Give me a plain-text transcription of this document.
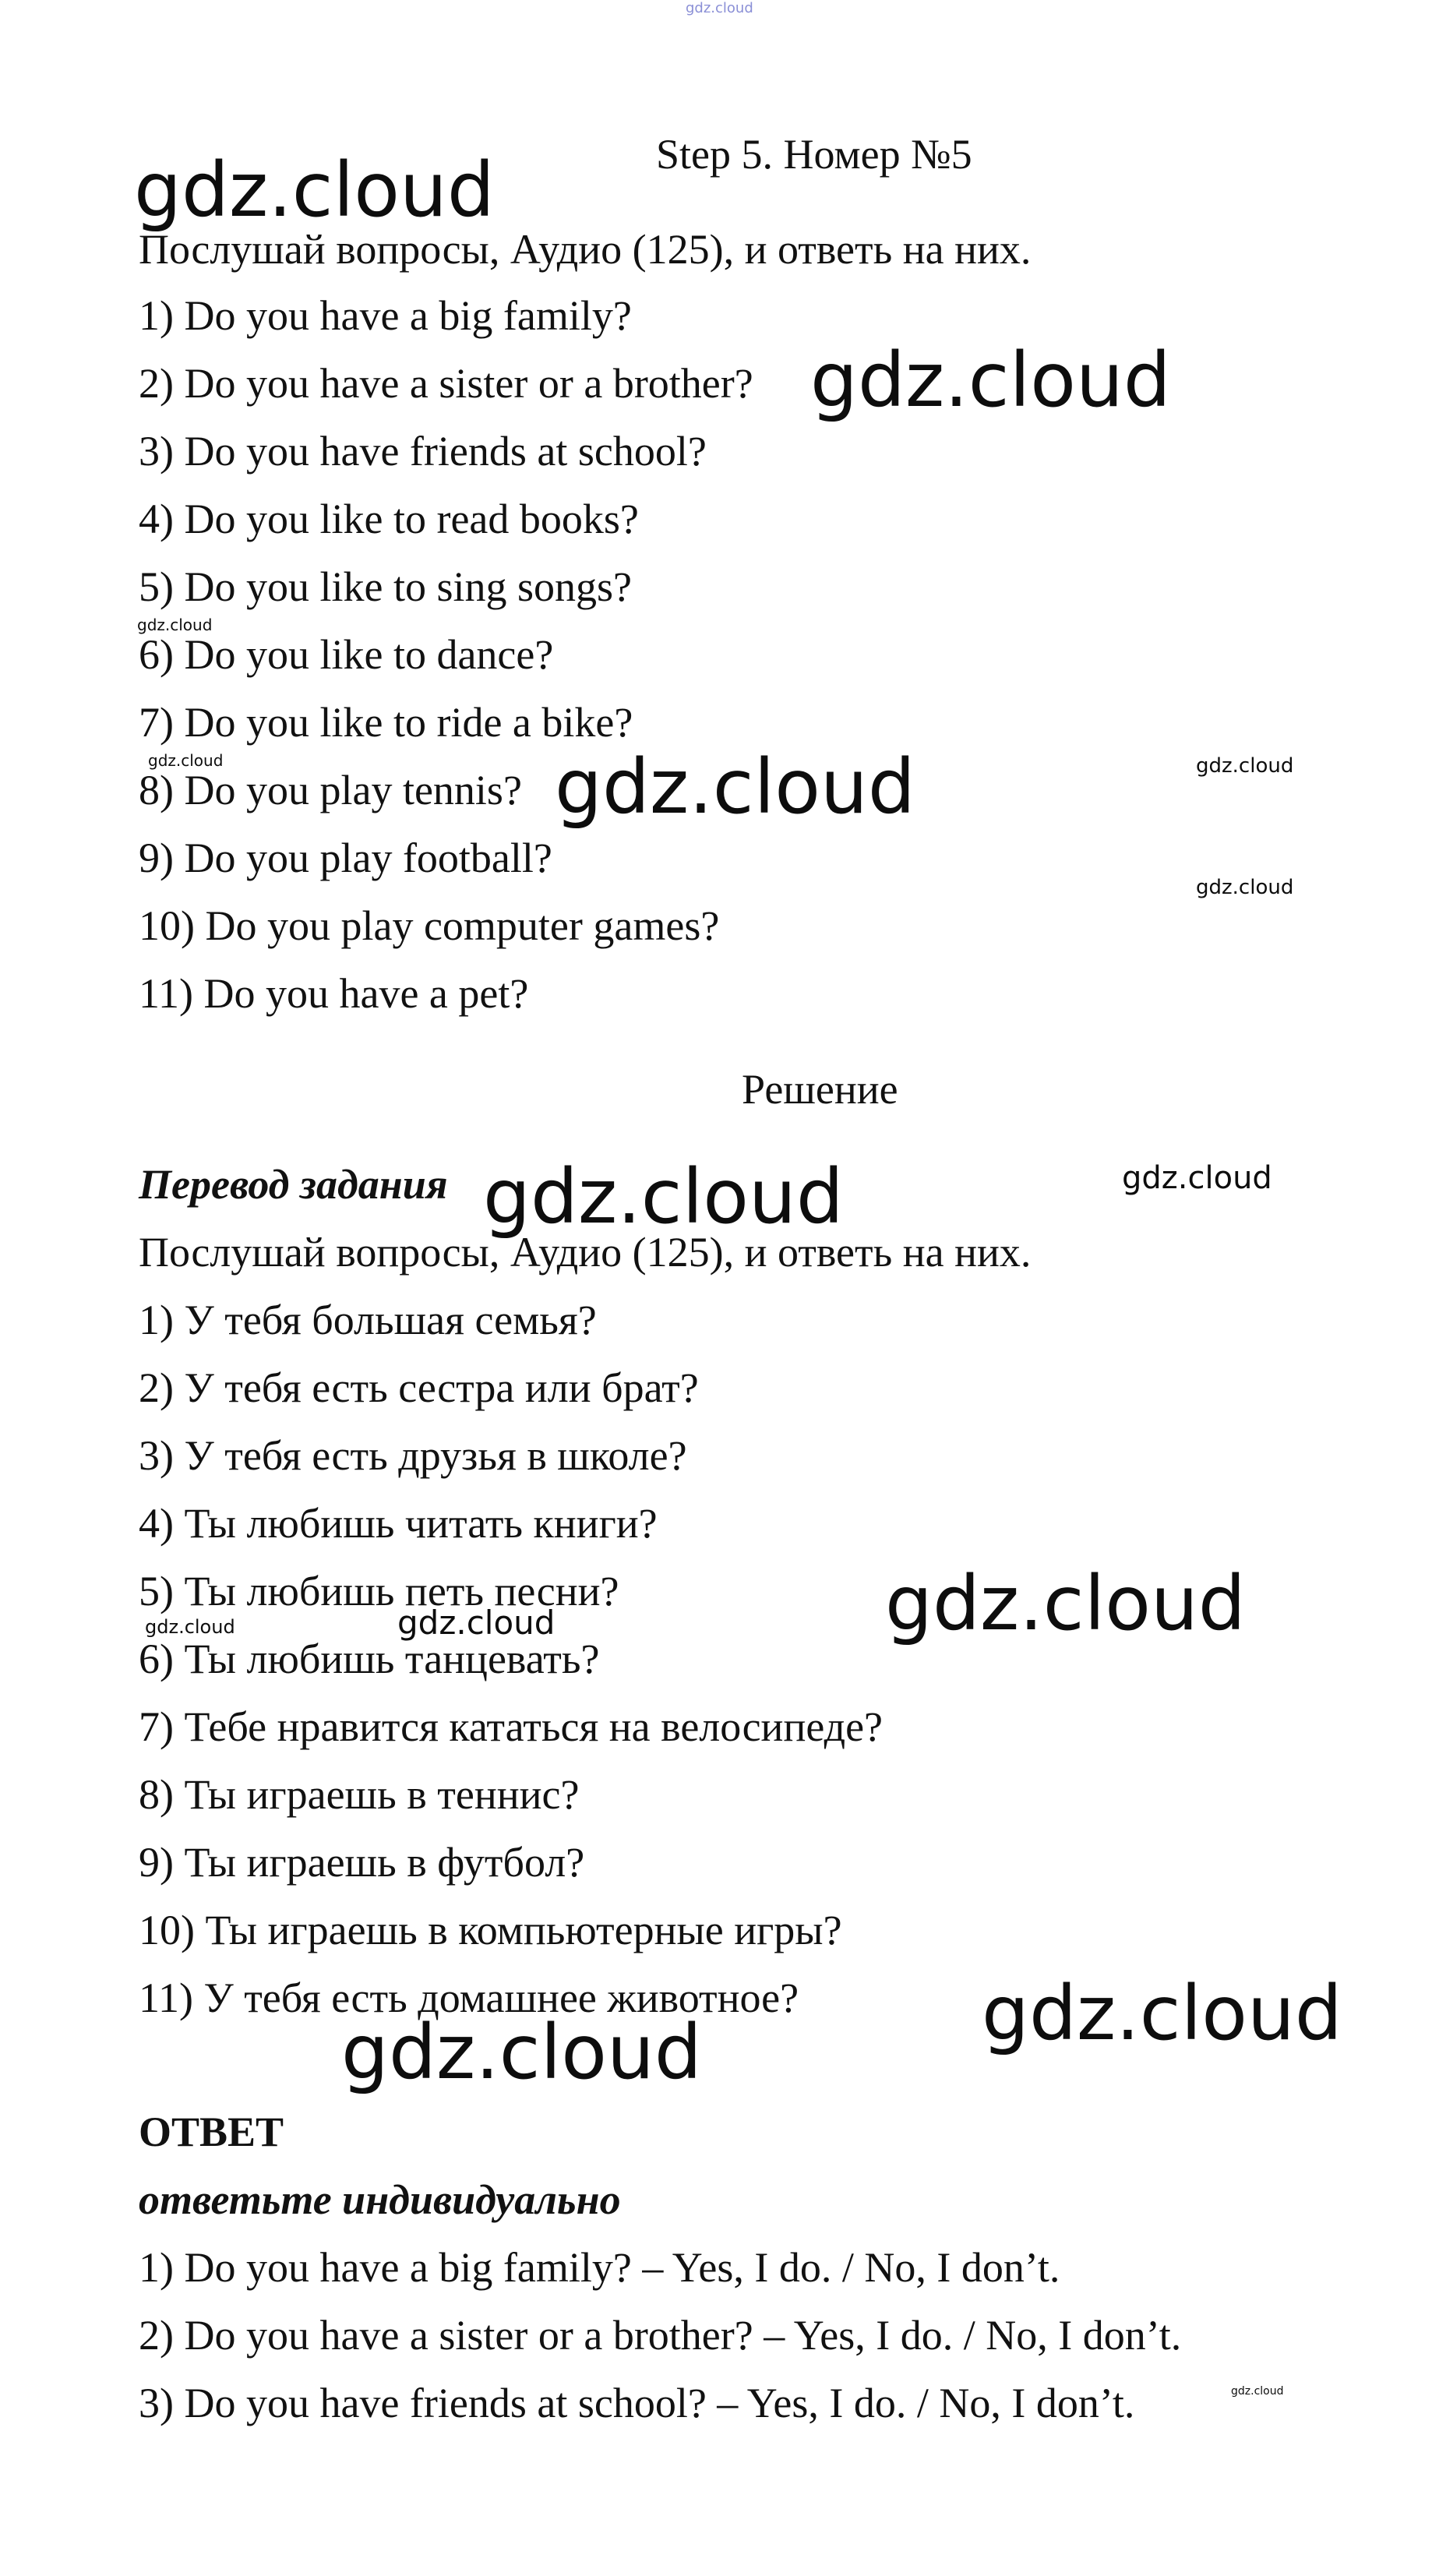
gdz.cloud
gdz.cloud
gdz.cloud
gdz.cloud
gdz.cloud	gdz.cloud	gdz.cloud
gdz.cloud
gdz.cloud	gdz.cloud
gdz.cloud
gdz.cloud
gdz.cloud
gdz.cloud
gdz.cloud
gdz.cloud
Step 5. Номер №5
Послушай вопросы, Аудио (125), и ответь на них.
1) Do you have a big family?
2) Do you have a sister or a brother?
3) Do you have friends at school?
4) Do you like to read books?
5) Do you like to sing songs?
6) Do you like to dance?
7) Do you like to ride a bike?
8) Do you play tennis?
9) Do you play football?
10) Do you play computer games?
11) Do you have a pet?
Решение
Перевод задания
Послушай вопросы, Аудио (125), и ответь на них.
1) У тебя большая семья?
2) У тебя есть сестра или брат?
3) У тебя есть друзья в школе?
4) Ты любишь читать книги?
5) Ты любишь петь песни?
6) Ты любишь танцевать?
7) Тебе нравится кататься на велосипеде?
8) Ты играешь в теннис?
9) Ты играешь в футбол?
10) Ты играешь в компьютерные игры?
11) У тебя есть домашнее животное?
ОТВЕТ
ответьте индивидуально
1) Do you have a big family? – Yes, I do. / No, I don’t.
2) Do you have a sister or a brother? – Yes, I do. / No, I don’t.
3) Do you have friends at school? – Yes, I do. / No, I don’t.
